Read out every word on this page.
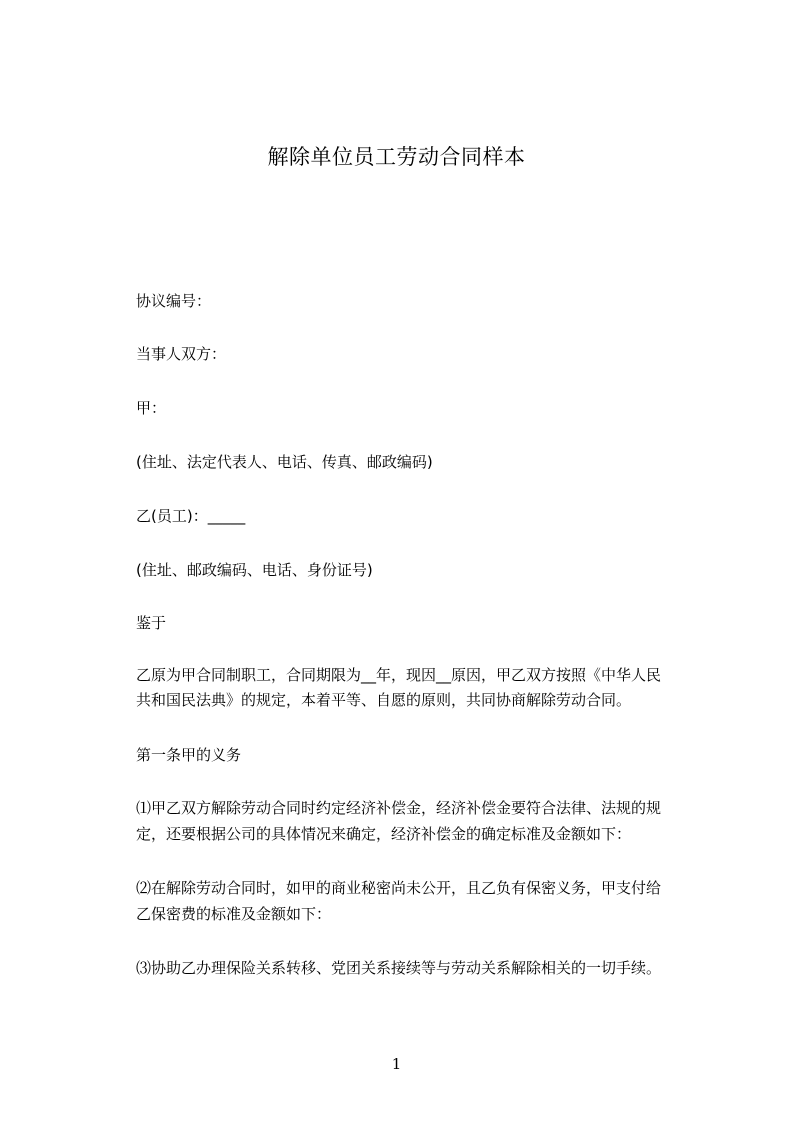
解除单位员工劳动合同样本
协议编号：
当事人双方：
甲：
(住址、法定代表人、电话、传真、邮政编码)
乙(员工)：_____
(住址、邮政编码、电话、身份证号)
鉴于
乙原为甲合同制职工，合同期限为__年，现因__原因，甲乙双方按照《中华人民
共和国民法典》的规定，本着平等、自愿的原则，共同协商解除劳动合同。
第一条甲的义务
⑴甲乙双方解除劳动合同时约定经济补偿金，经济补偿金要符合法律、法规的规
定，还要根据公司的具体情况来确定，经济补偿金的确定标准及金额如下：
⑵在解除劳动合同时，如甲的商业秘密尚未公开，且乙负有保密义务，甲支付给
乙保密费的标准及金额如下：
⑶协助乙办理保险关系转移、党团关系接续等与劳动关系解除相关的一切手续。
1
